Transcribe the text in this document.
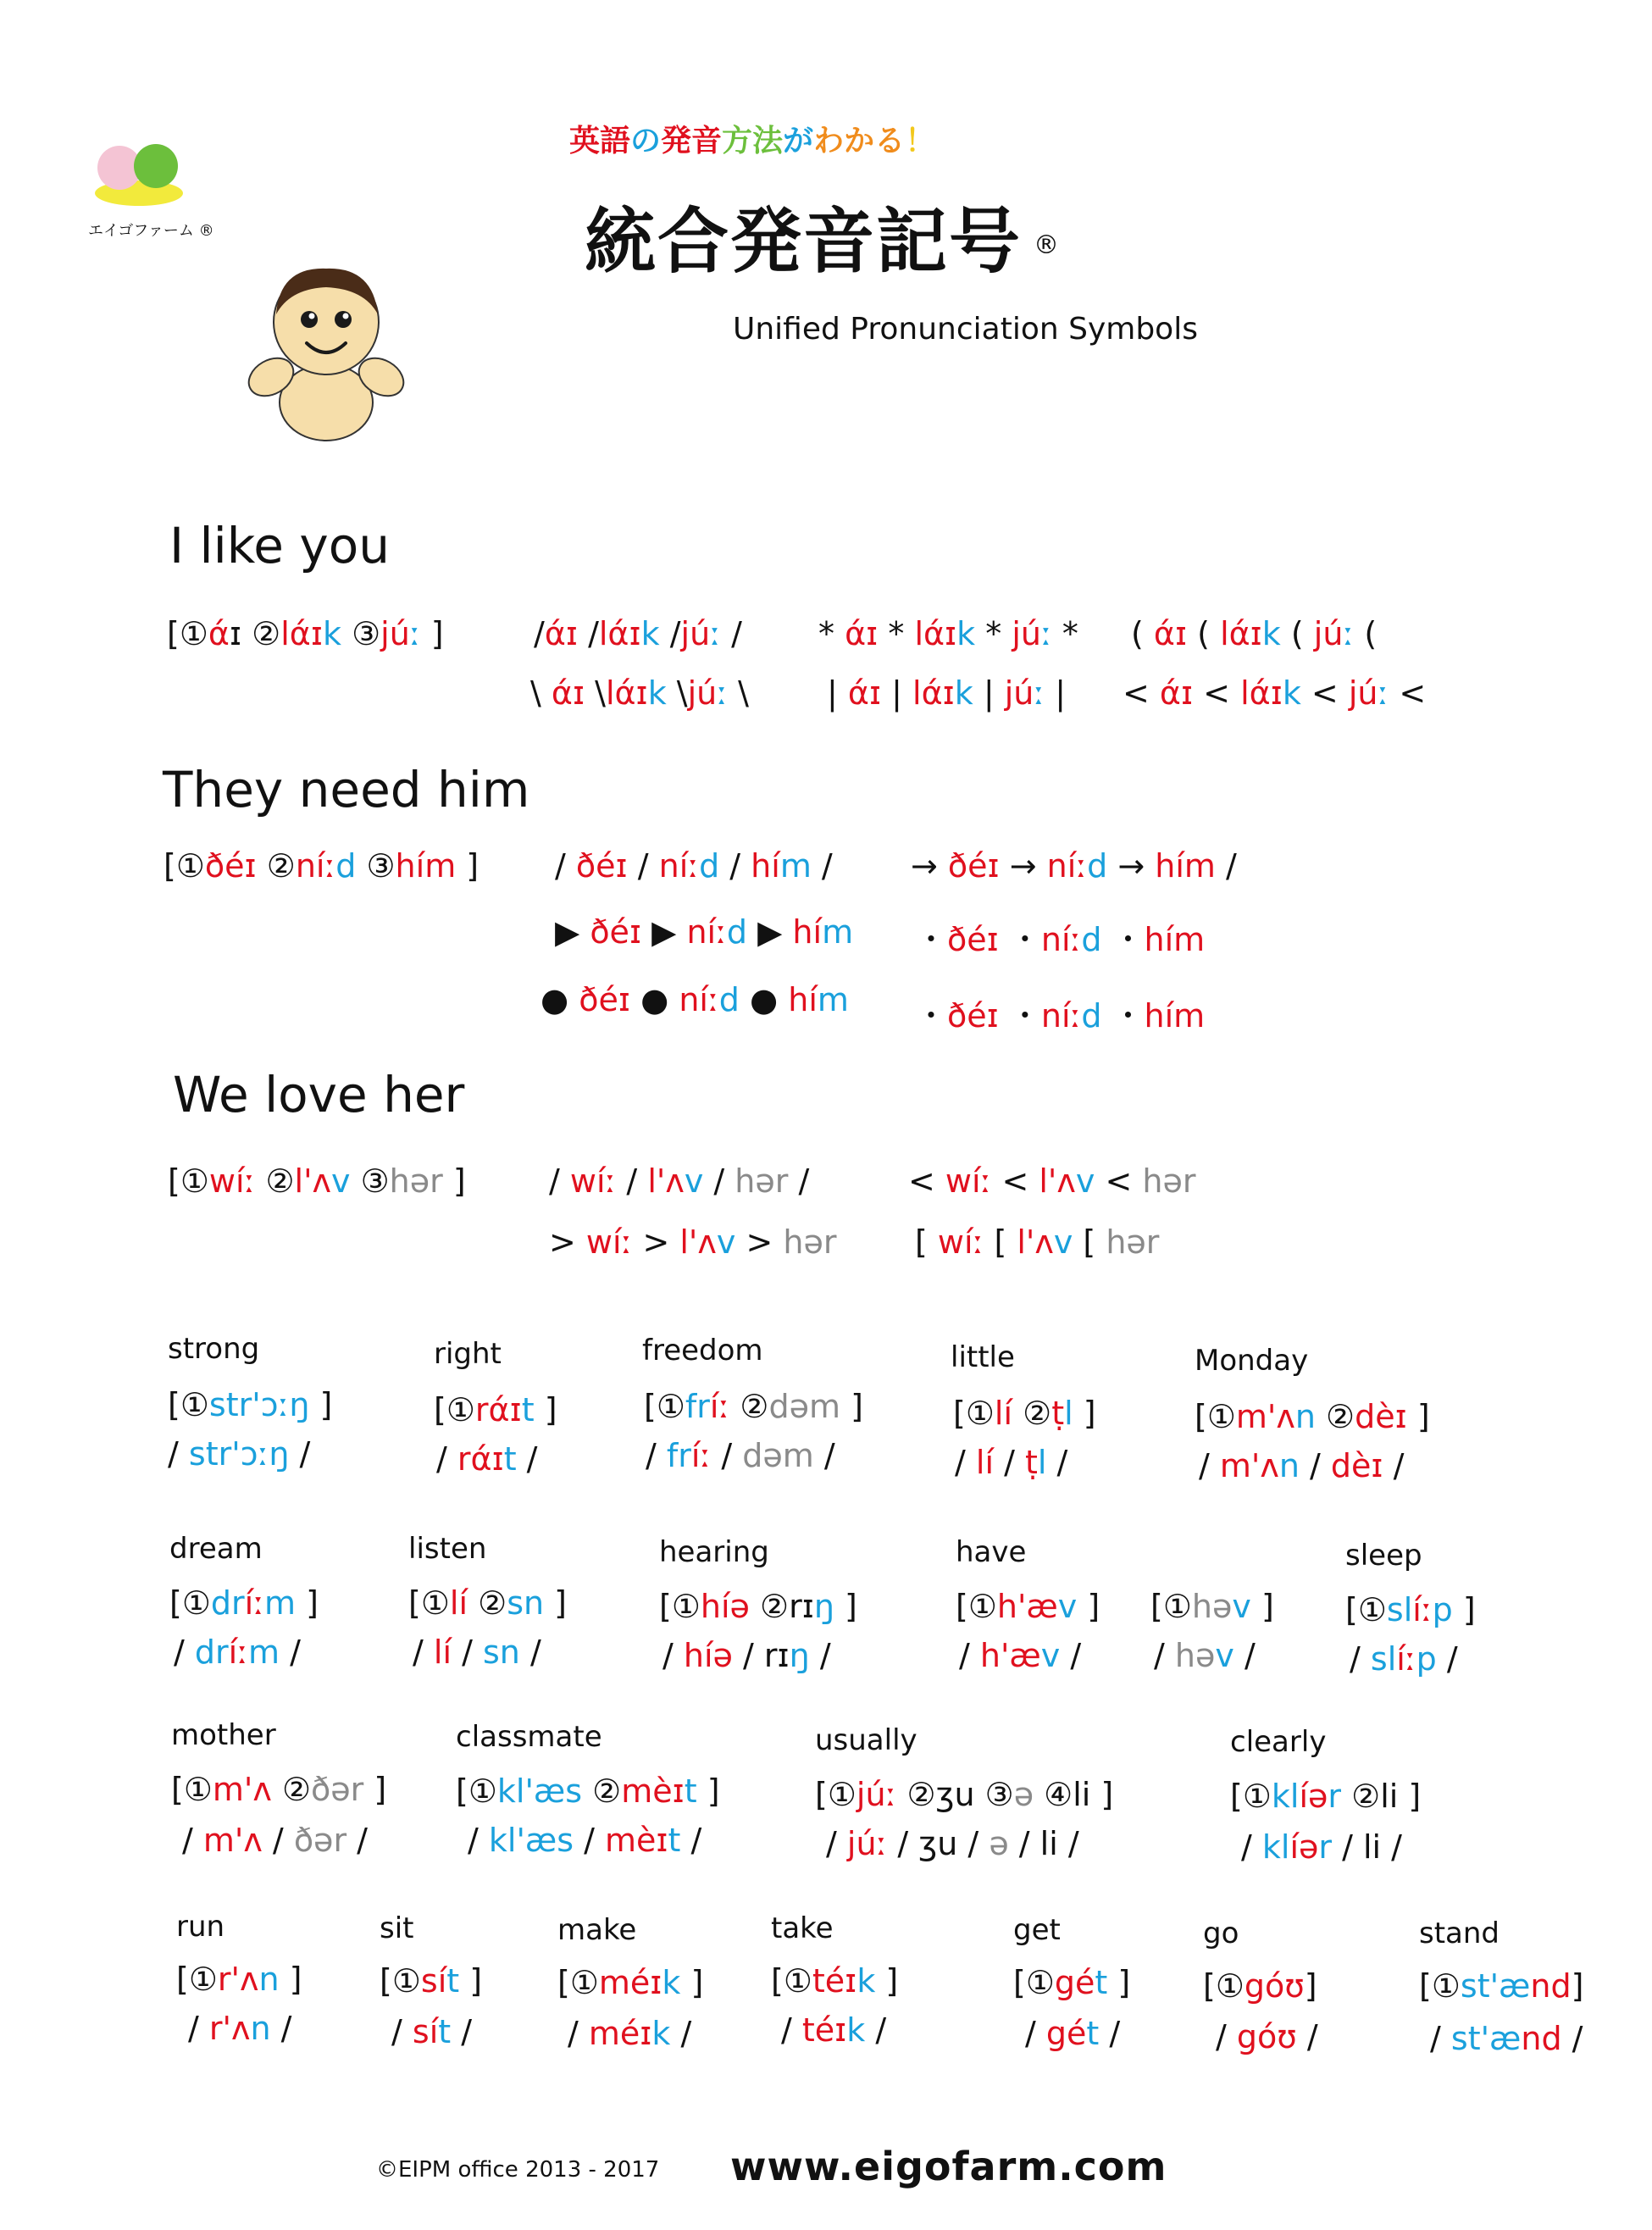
エイゴファーム ®
英語の発音方法がわかる！
統合発音記号 ®
Unified Pronunciation Symbols
I like you
[①άɪ ②lάɪk ③júː ]	/άɪ /lάɪk /júː / * άɪ * lάɪk * júː * ( άɪ ( lάɪk ( júː (
\ άɪ \lάɪk \júː \ | άɪ | lάɪk | júː | < άɪ < lάɪk < júː <
They need him
[①ðéɪ ②níːd ③hím ] / ðéɪ / níːd / hím / → ðéɪ → níːd → hím /
▶ ðéɪ ▶ níːd ▶ hím ・ðéɪ ・níːd ・hím
● ðéɪ ● níːd ● hím ・ðéɪ ・níːd ・hím
We love her
[①wíː ②l'ʌv ③hər ]	/ wíː / l'ʌv / hər /	< wíː < l'ʌv < hər
> wíː > l'ʌv > hər [ wíː [ l'ʌv [ hər
strong
[①str'ɔːŋ ]
/ str'ɔːŋ /
right
[①rάɪt ]
/ rάɪt /
freedom
[①fríː ②dəm ]
/ fríː / dəm /
little
[①lí ②ṭl ]
/ lí / ṭl /
Monday
[①m'ʌn ②dèɪ ]
/ m'ʌn / dèɪ /
dream
[①dríːm ]
/ dríːm /
listen
[①lí ②sn ]
/ lí / sn /
hearing
[①híə ②rɪŋ ]
/ híə / rɪŋ /
have
[①h'æv ]
/ h'æv /
[①həv ]
/ həv /
sleep
[①slíːp ]
/ slíːp /
mother
[①m'ʌ ②ðər ]
/ m'ʌ / ðər /
classmate
[①kl'æs ②mèɪt ]
/ kl'æs / mèɪt /
usually
[①júː ②ʒu ③ə ④li ]
/ júː / ʒu / ə / li /
clearly
[①klíər ②li ]
/ klíər / li /
run
[①r'ʌn ]
/ r'ʌn /
sit
[①sít ]
/ sít /
make
[①méɪk ]
/ méɪk /
take
[①téɪk ]
/ téɪk /
get
[①gét ]
/ gét /
go
[①góʊ]
/ góʊ /
stand
[①st'ænd]
/ st'ænd /
©EIPM office 2013 - 2017 www.eigofarm.com
